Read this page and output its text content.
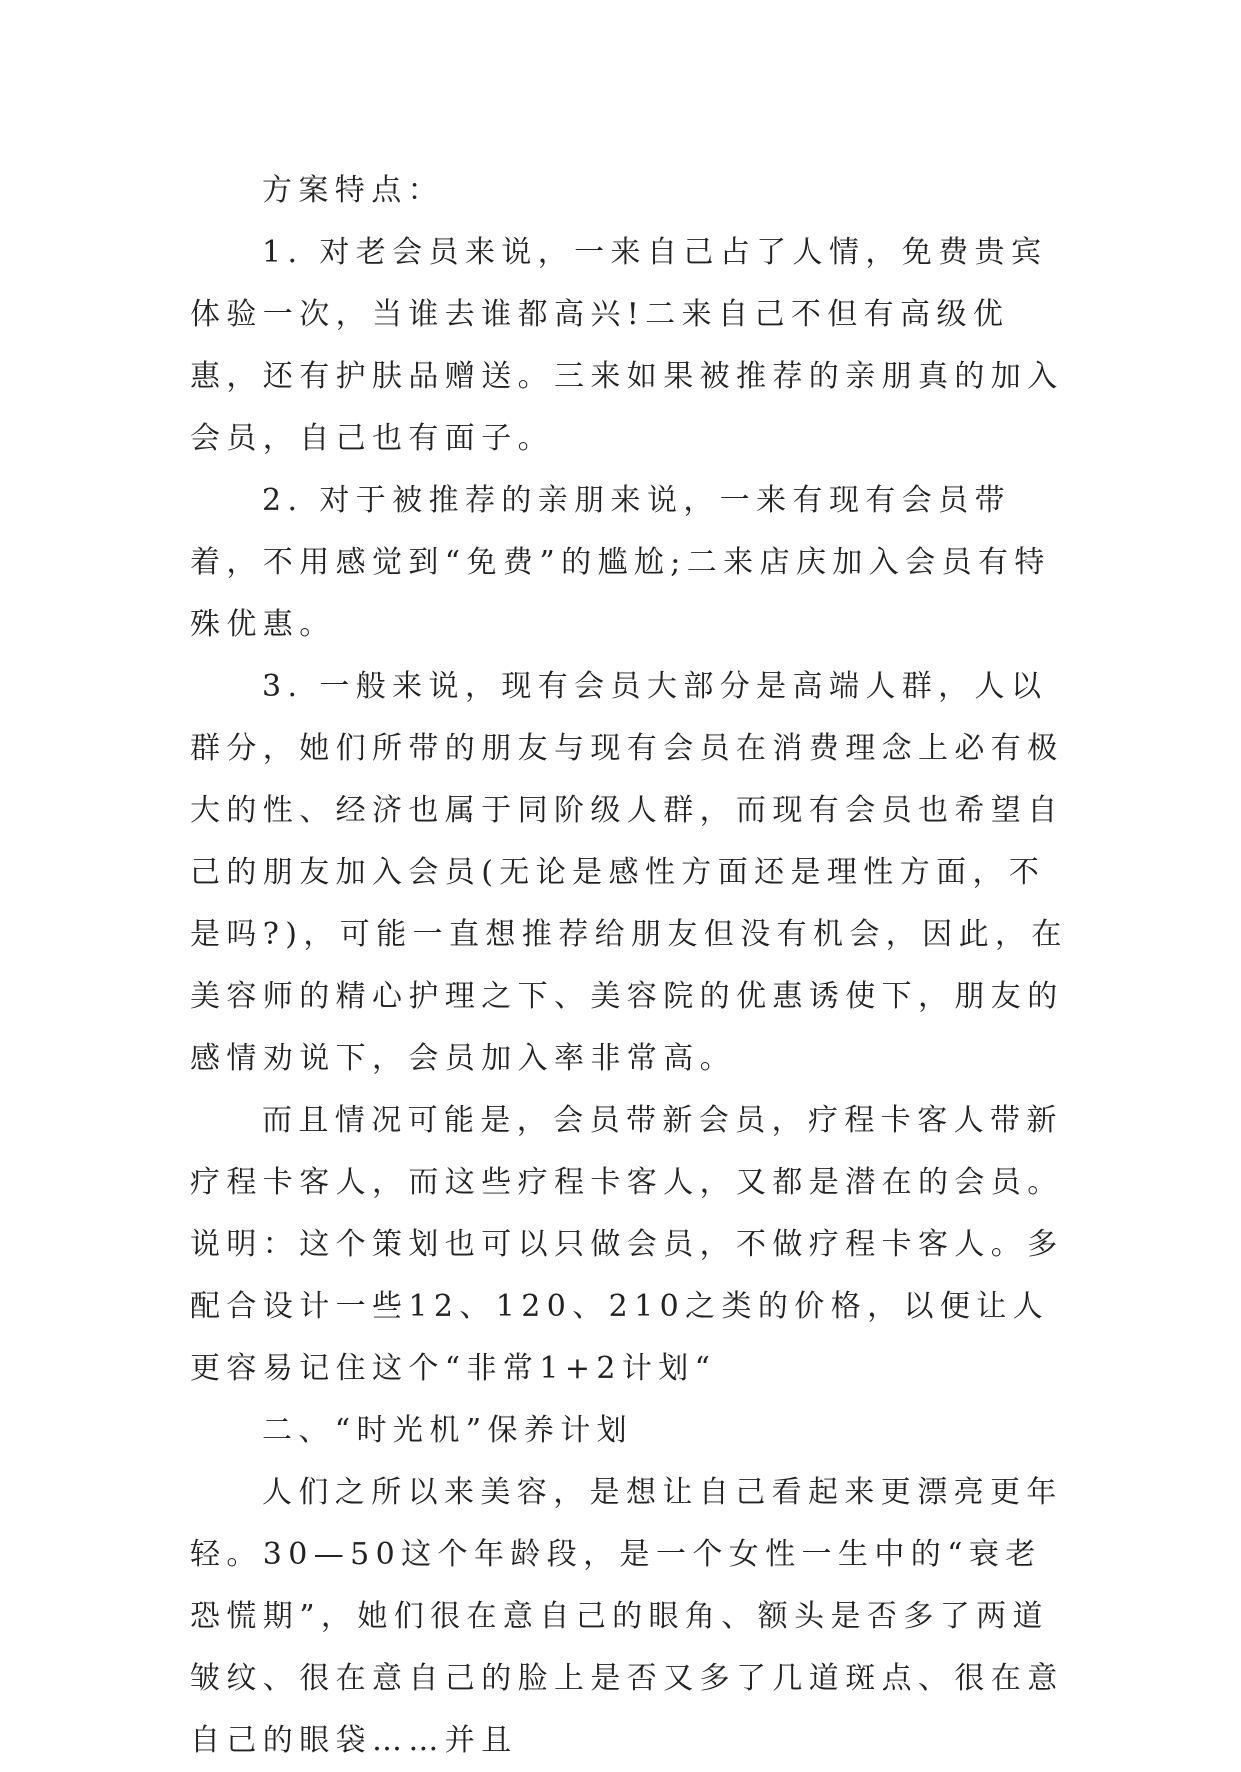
方案特点：

1. 对老会员来说，一来自己占了人情，免费贵宾体验一次，当谁去谁都高兴!二来自己不但有高级优惠，还有护肤品赠送。三来如果被推荐的亲朋真的加入会员，自己也有面子。

2. 对于被推荐的亲朋来说，一来有现有会员带着，不用感觉到“免费”的尴尬;二来店庆加入会员有特殊优惠。

3. 一般来说，现有会员大部分是高端人群，人以群分，她们所带的朋友与现有会员在消费理念上必有极大的性、经济也属于同阶级人群，而现有会员也希望自己的朋友加入会员(无论是感性方面还是理性方面，不是吗?)，可能一直想推荐给朋友但没有机会，因此，在美容师的精心护理之下、美容院的优惠诱使下，朋友的感情劝说下，会员加入率非常高。

而且情况可能是，会员带新会员，疗程卡客人带新疗程卡客人，而这些疗程卡客人，又都是潜在的会员。说明：这个策划也可以只做会员，不做疗程卡客人。多配合设计一些12、120、210之类的价格，以便让人更容易记住这个“非常1+2计划“

二、“时光机”保养计划

人们之所以来美容，是想让自己看起来更漂亮更年轻。30—50这个年龄段，是一个女性一生中的“衰老恐慌期”，她们很在意自己的眼角、额头是否多了两道皱纹、很在意自己的脸上是否又多了几道斑点、很在意自己的眼袋……并且
